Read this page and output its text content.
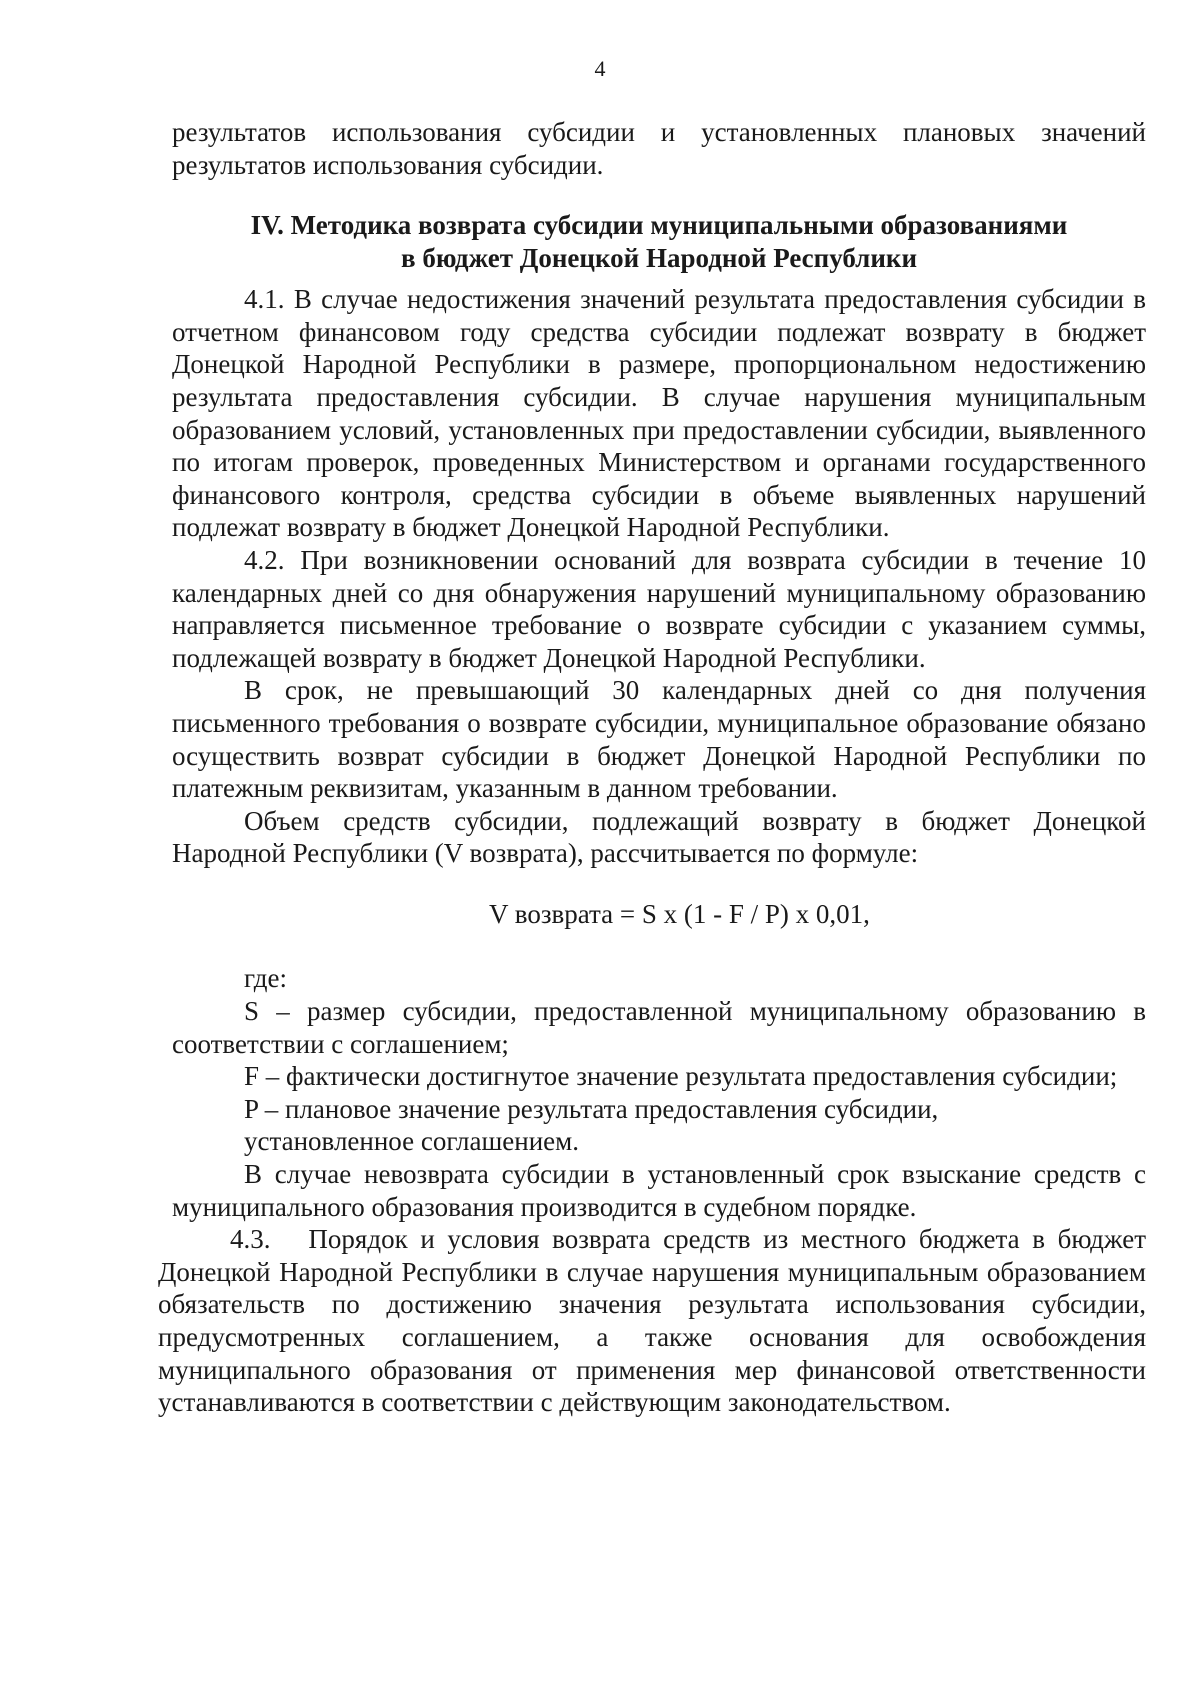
4

результатов использования субсидии и установленных плановых значений результатов использования субсидии.

IV. Методика возврата субсидии муниципальными образованиями
в бюджет Донецкой Народной Республики

4.1. В случае недостижения значений результата предоставления субсидии в отчетном финансовом году средства субсидии подлежат возврату в бюджет Донецкой Народной Республики в размере, пропорциональном недостижению результата предоставления субсидии. В случае нарушения муниципальным образованием условий, установленных при предоставлении субсидии, выявленного по итогам проверок, проведенных Министерством и органами государственного финансового контроля, средства субсидии в объеме выявленных нарушений подлежат возврату в бюджет Донецкой Народной Республики.

4.2. При возникновении оснований для возврата субсидии в течение 10 календарных дней со дня обнаружения нарушений муниципальному образованию направляется письменное требование о возврате субсидии с указанием суммы, подлежащей возврату в бюджет Донецкой Народной Республики.

В срок, не превышающий 30 календарных дней со дня получения письменного требования о возврате субсидии, муниципальное образование обязано осуществить возврат субсидии в бюджет Донецкой Народной Республики по платежным реквизитам, указанным в данном требовании.

Объем средств субсидии, подлежащий возврату в бюджет Донецкой Народной Республики (V возврата), рассчитывается по формуле:

V возврата = S x (1 - F / P) x 0,01,

где:

S – размер субсидии, предоставленной муниципальному образованию в соответствии с соглашением;

F – фактически достигнутое значение результата предоставления субсидии;

P – плановое значение результата предоставления субсидии,

установленное соглашением.

В случае невозврата субсидии в установленный срок взыскание средств с муниципального образования производится в судебном порядке.

4.3.   Порядок и условия возврата средств из местного бюджета в бюджет Донецкой Народной Республики в случае нарушения муниципальным образованием обязательств по достижению значения результата использования субсидии, предусмотренных соглашением, а также основания для освобождения муниципального образования от применения мер финансовой ответственности устанавливаются в соответствии с действующим законодательством.
